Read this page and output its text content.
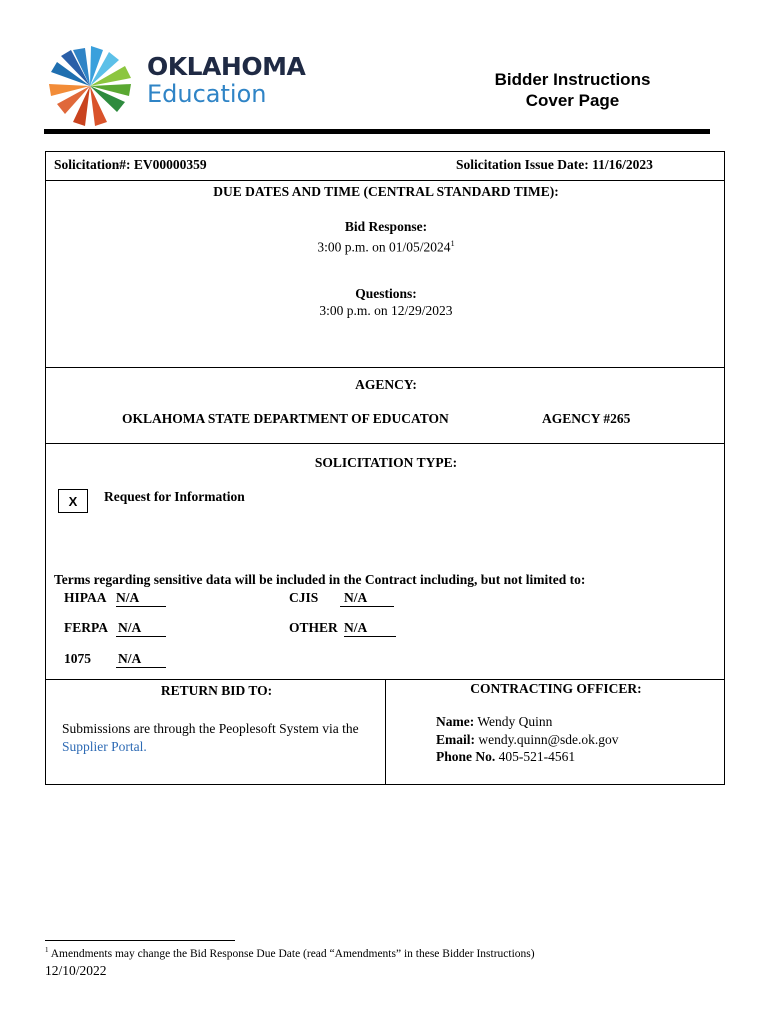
OKLAHOMA
Education
Bidder Instructions
Cover Page
Solicitation#: EV00000359	Solicitation Issue Date: 11/16/2023
DUE DATES AND TIME (CENTRAL STANDARD TIME):
Bid Response:
3:00 p.m. on 01/05/2024$^1$
Questions:
3:00 p.m. on 12/29/2023
AGENCY:
OKLAHOMA STATE DEPARTMENT OF EDUCATON	AGENCY #265
SOLICITATION TYPE:
X	Request for Information
Terms regarding sensitive data will be included in the Contract including, but not limited to:
HIPAA N/A	CJIS N/A
FERPA N/A	OTHER N/A
1075 N/A
RETURN BID TO:
Submissions are through the Peoplesoft System via the
Supplier Portal.
CONTRACTING OFFICER:
Name: Wendy Quinn
Email: wendy.quinn@sde.ok.gov
Phone No. 405-521-4561
$^1$ Amendments may change the Bid Response Due Date (read “Amendments” in these Bidder Instructions)
12/10/2022
